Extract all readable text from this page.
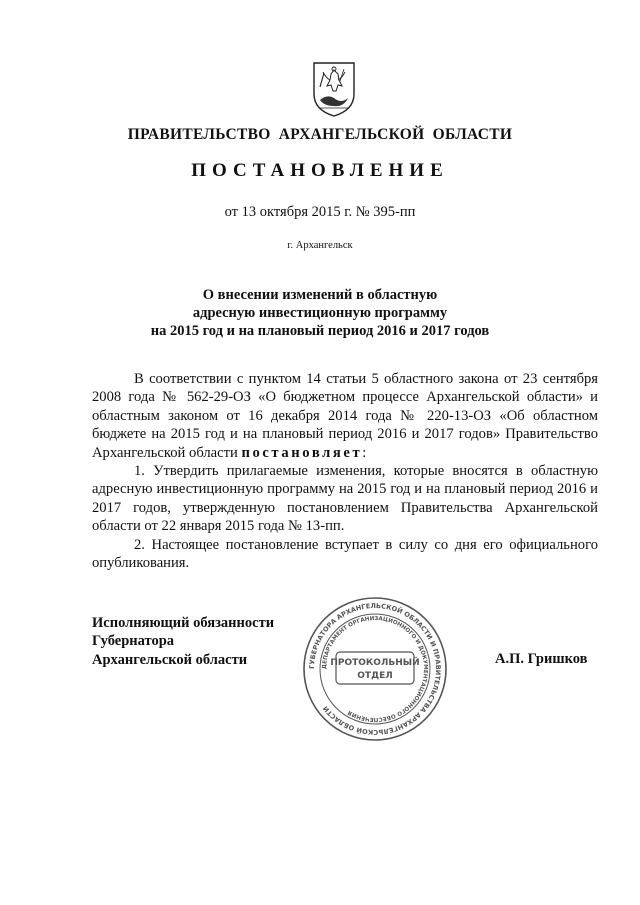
ПРАВИТЕЛЬСТВО АРХАНГЕЛЬСКОЙ ОБЛАСТИ
ПОСТАНОВЛЕНИЕ
от 13 октября 2015 г. № 395-пп
г. Архангельск
О внесении изменений в областную
адресную инвестиционную программу
на 2015 год и на плановый период 2016 и 2017 годов

В соответствии с пунктом 14 статьи 5 областного закона от 23 сентября 2008 года № 562-29-ОЗ «О бюджетном процессе Архангельской области» и областным законом от 16 декабря 2014 года № 220-13-ОЗ «Об областном бюджете на 2015 год и на плановый период 2016 и 2017 годов» Правительство Архангельской области постановляет:

1. Утвердить прилагаемые изменения, которые вносятся в областную адресную инвестиционную программу на 2015 год и на плановый период 2016 и 2017 годов, утвержденную постановлением Правительства Архангельской области от 22 января 2015 года № 13-пп.

2. Настоящее постановление вступает в силу со дня его официального опубликования.

Исполняющий обязанности
Губернатора
Архангельской области	А.П. Гришков
ГУБЕРНАТОРА АРХАНГЕЛЬСКОЙ ОБЛАСТИ И ПРАВИТЕЛЬСТВА АРХАНГЕЛЬСКОЙ ОБЛАСТИ
ДЕПАРТАМЕНТ ОРГАНИЗАЦИОННОГО И ДОКУМЕНТАЦИОННОГО ОБЕСПЕЧЕНИЯ
ПРОТОКОЛЬНЫЙ
ОТДЕЛ
